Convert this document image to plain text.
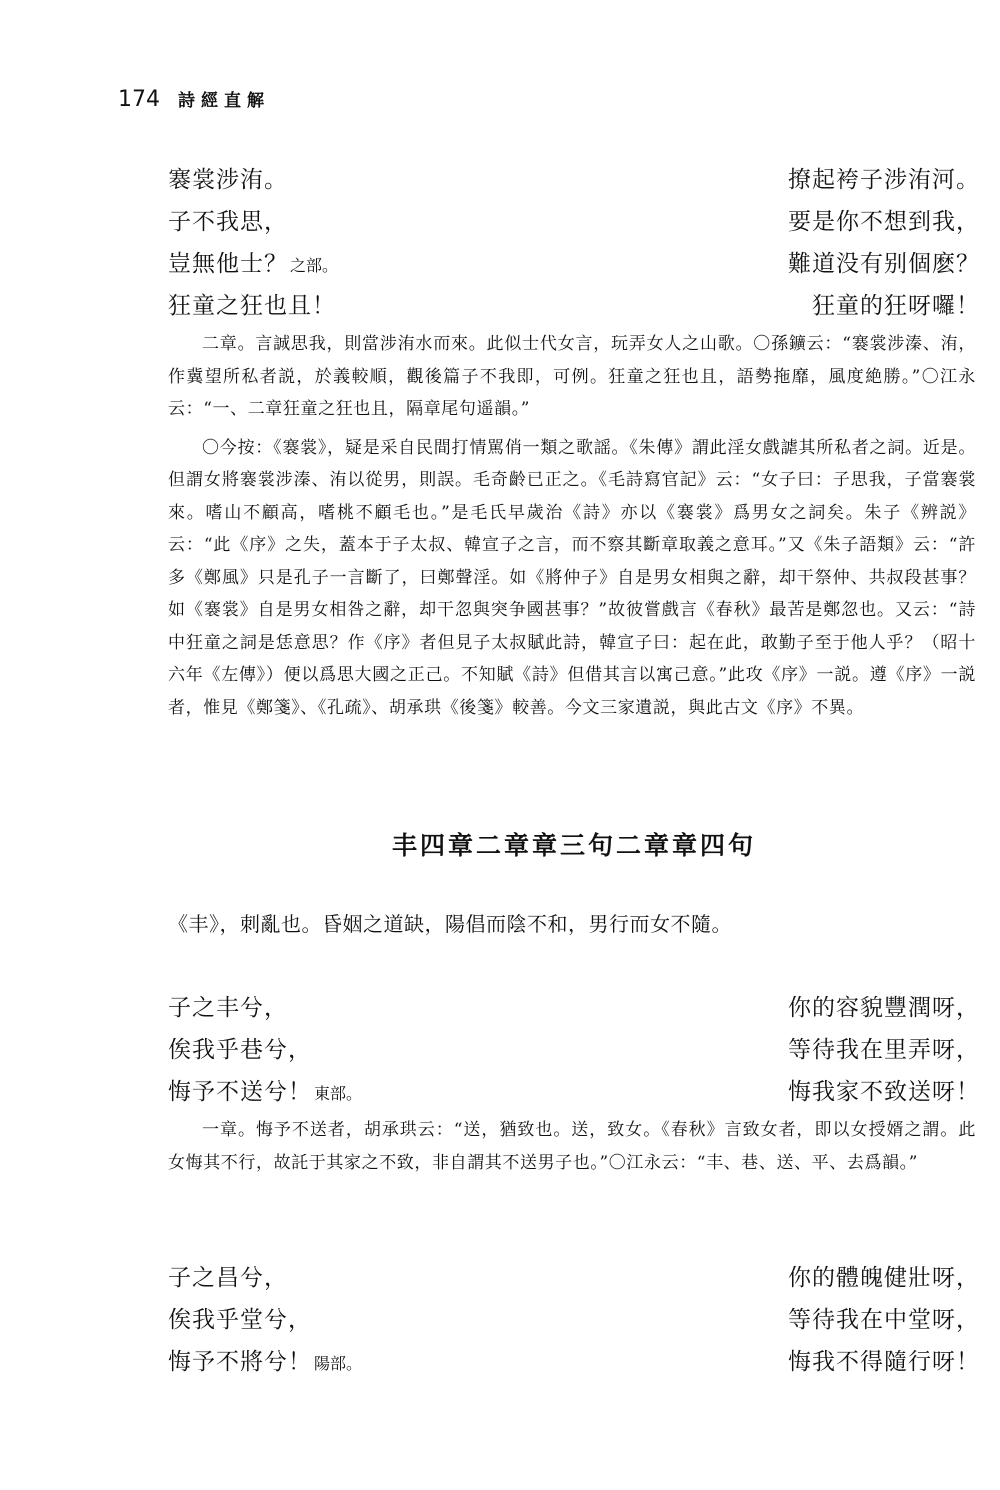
174 詩經直解
褰裳涉洧。	撩起袴子涉洧河。
子不我思，	要是你不想到我，
豈無他士？ 之部。	難道没有别個麽？
狂童之狂也且！	狂童的狂呀囉！

二章。言誠思我，則當涉洧水而來。此似士代女言，玩弄女人之山歌。〇孫鑛云：“褰裳涉溱、洧，作冀望所私者説，於義較順，觀後篇子不我即，可例。狂童之狂也且，語勢拖靡，風度絶勝。”〇江永云：“一、二章狂童之狂也且，隔章尾句遥韻。”

〇今按：《褰裳》，疑是采自民間打情駡俏一類之歌謡。《朱傳》謂此淫女戲謔其所私者之詞。近是。但謂女將褰裳涉溱、洧以從男，則誤。毛奇齡已正之。《毛詩寫官記》云：“女子曰：子思我，子當褰裳來。嗜山不顧高，嗜桃不顧毛也。”是毛氏早歲治《詩》亦以《褰裳》爲男女之詞矣。朱子《辨説》云：“此《序》之失，蓋本于子太叔、韓宣子之言，而不察其斷章取義之意耳。”又《朱子語類》云：“許多《鄭風》只是孔子一言斷了，曰鄭聲淫。如《將仲子》自是男女相與之辭，却干祭仲、共叔段甚事？如《褰裳》自是男女相咎之辭，却干忽與突争國甚事？”故彼嘗戲言《春秋》最苦是鄭忽也。又云：“詩中狂童之詞是恁意思？作《序》者但見子太叔賦此詩，韓宣子曰：起在此，敢勤子至于他人乎？（昭十六年《左傳》）便以爲思大國之正己。不知賦《詩》但借其言以寓己意。”此攻《序》一説。遵《序》一説者，惟見《鄭箋》、《孔疏》、胡承珙《後箋》較善。今文三家遺説，與此古文《序》不異。

丰四章二章章三句二章章四句
《丰》，刺亂也。昏姻之道缺，陽倡而陰不和，男行而女不隨。
子之丰兮，	你的容貌豐潤呀，
俟我乎巷兮，	等待我在里弄呀，
悔予不送兮！ 東部。	悔我家不致送呀！

一章。悔予不送者，胡承珙云：“送，猶致也。送，致女。《春秋》言致女者，即以女授婿之謂。此女悔其不行，故託于其家之不致，非自謂其不送男子也。”〇江永云：“丰、巷、送、平、去爲韻。”

子之昌兮，	你的體魄健壯呀，
俟我乎堂兮，	等待我在中堂呀，
悔予不將兮！ 陽部。	悔我不得隨行呀！
